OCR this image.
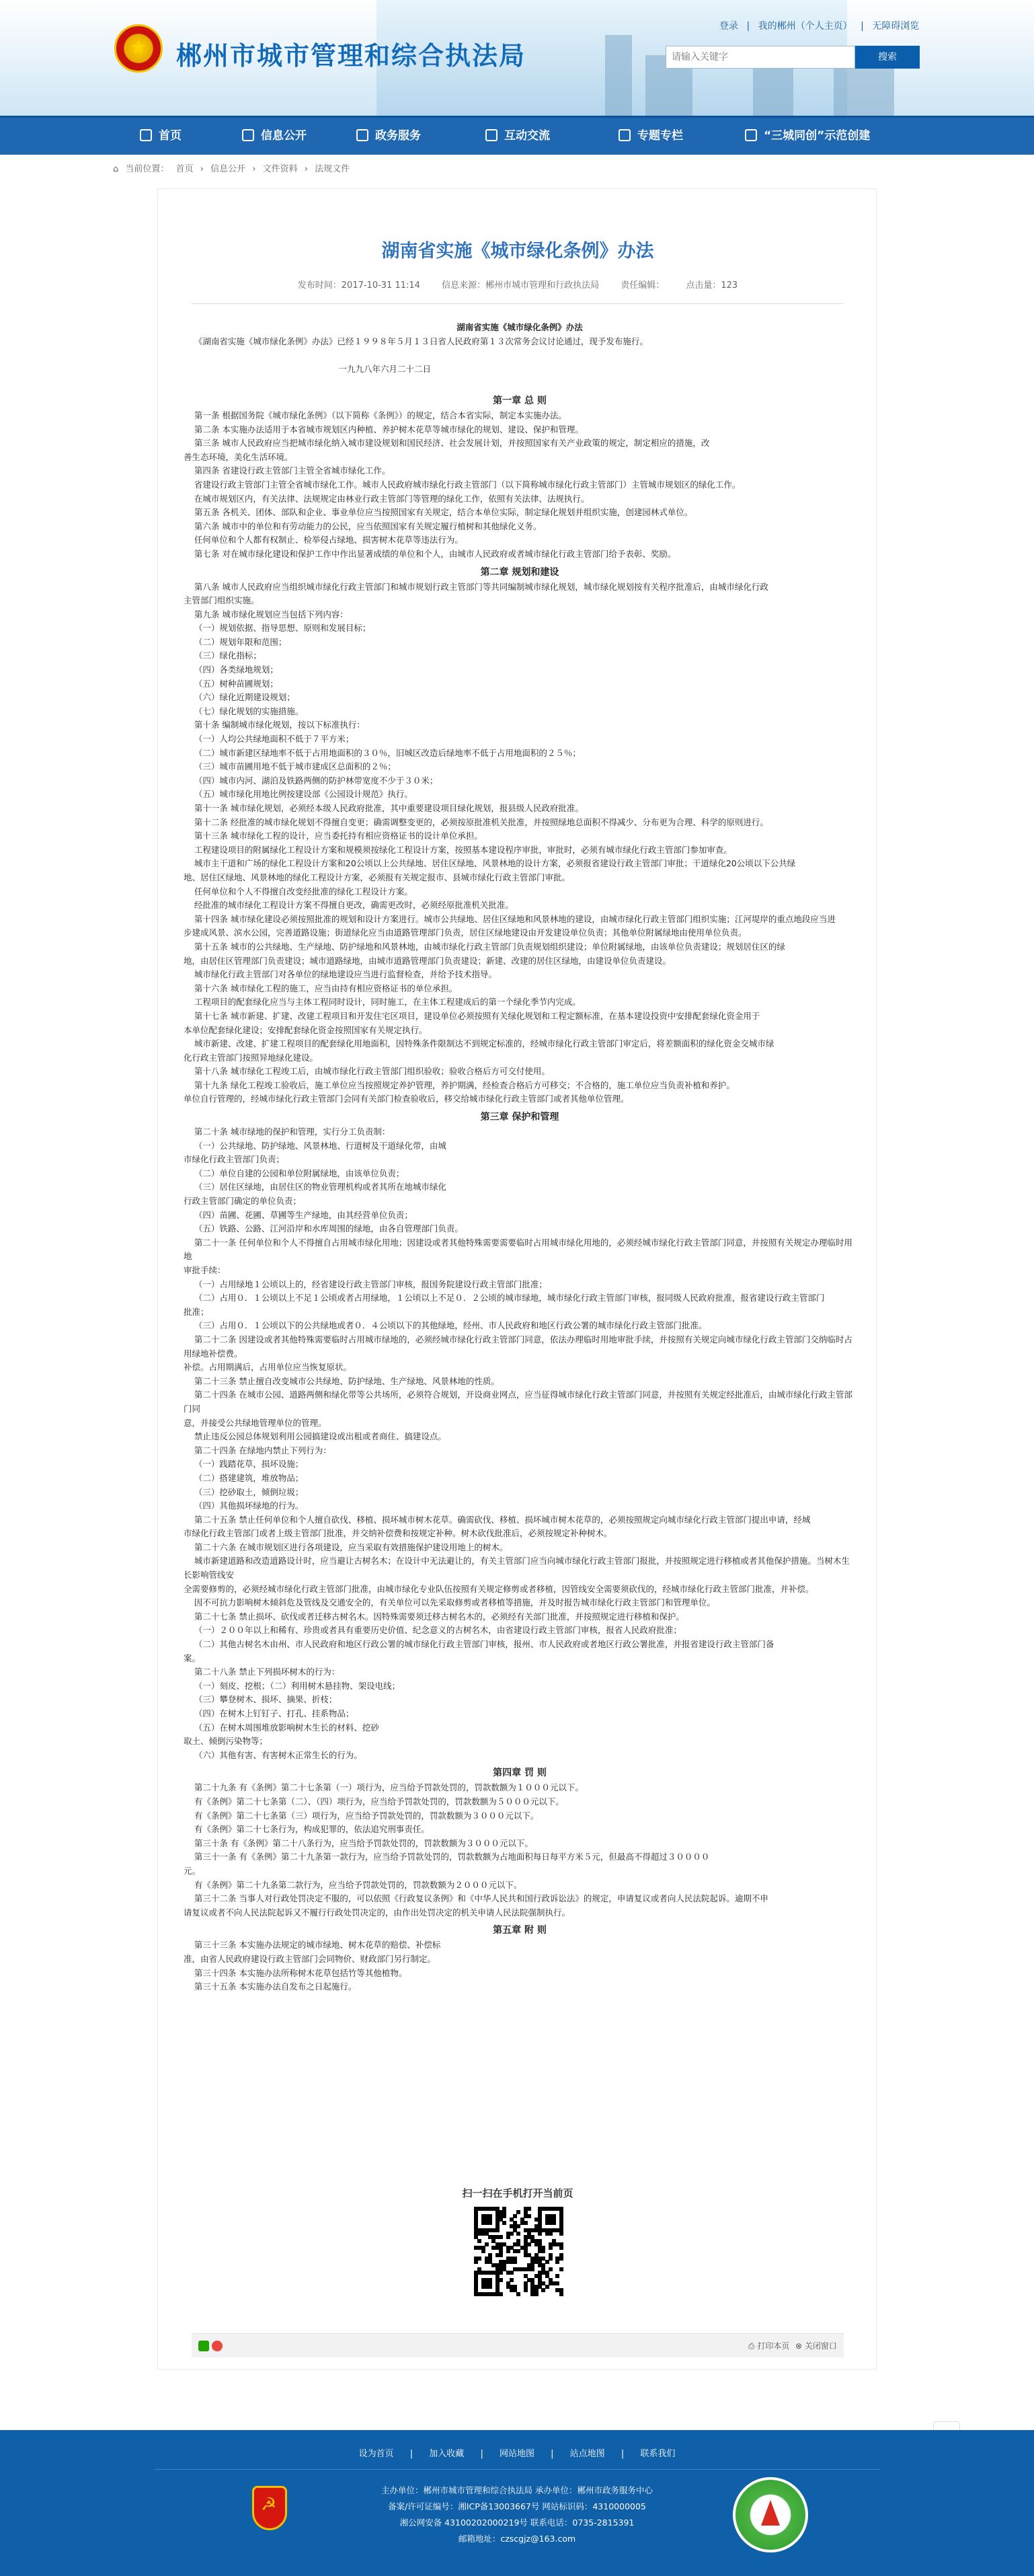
郴州市城市管理和综合执法局
登录 | 我的郴州（个人主页） | 无障碍浏览
请输入关键字
搜索
首页	信息公开	政务服务	互动交流	专题专栏	“三城同创”示范创建
⌂ 当前位置： 首页 › 信息公开 › 文件资料 › 法规文件
湖南省实施《城市绿化条例》办法
发布时间：2017-10-31 11:14 信息来源：郴州市城市管理和行政执法局 责任编辑： 点击量：123

湖南省实施《城市绿化条例》办法

《湖南省实施《城市绿化条例》办法》已经１９９８年５月１３日省人民政府第１３次常务会议讨论通过，现予发布施行。

一九九八年六月二十二日

第一章 总 则

第一条 根据国务院《城市绿化条例》（以下简称《条例》）的规定，结合本省实际，制定本实施办法。

第二条 本实施办法适用于本省城市规划区内种植、养护树木花草等城市绿化的规划、建设、保护和管理。

第三条 城市人民政府应当把城市绿化纳入城市建设规划和国民经济、社会发展计划，并按照国家有关产业政策的规定，制定相应的措施，改

善生态环境，美化生活环境。

第四条 省建设行政主管部门主管全省城市绿化工作。

省建设行政主管部门主管全省城市绿化工作。城市人民政府城市绿化行政主管部门（以下简称城市绿化行政主管部门）主管城市规划区的绿化工作。

在城市规划区内，有关法律、法规规定由林业行政主管部门等管理的绿化工作，依照有关法律、法规执行。

第五条 各机关、团体、部队和企业、事业单位应当按照国家有关规定，结合本单位实际，制定绿化规划并组织实施，创建园林式单位。

第六条 城市中的单位和有劳动能力的公民，应当依照国家有关规定履行植树和其他绿化义务。

任何单位和个人都有权制止、检举侵占绿地、损害树木花草等违法行为。

第七条 对在城市绿化建设和保护工作中作出显著成绩的单位和个人，由城市人民政府或者城市绿化行政主管部门给予表彰、奖励。

第二章 规划和建设

第八条 城市人民政府应当组织城市绿化行政主管部门和城市规划行政主管部门等共同编制城市绿化规划，城市绿化规划按有关程序批准后，由城市绿化行政

主管部门组织实施。

第九条 城市绿化规划应当包括下列内容：

（一）规划依据、指导思想、原则和发展目标；

（二）规划年限和范围；

（三）绿化指标；

（四）各类绿地规划；

（五）树种苗圃规划；

（六）绿化近期建设规划；

（七）绿化规划的实施措施。

第十条 编制城市绿化规划，按以下标准执行：

（一）人均公共绿地面积不低于７平方米；

（二）城市新建区绿地率不低于占用地面积的３０％，旧城区改造后绿地率不低于占用地面积的２５％；

（三）城市苗圃用地不低于城市建成区总面积的２％；

（四）城市内河、湖泊及铁路两侧的防护林带宽度不少于３０米；

（五）城市绿化用地比例按建设部《公园设计规范》执行。

第十一条 城市绿化规划，必须经本级人民政府批准，其中重要建设项目绿化规划，报县级人民政府批准。

第十二条 经批准的城市绿化规划不得擅自变更；确需调整变更的，必须按原批准机关批准，并按照绿地总面积不得减少、分布更为合理、科学的原则进行。

第十三条 城市绿化工程的设计，应当委托持有相应资格证书的设计单位承担。

工程建设项目的附属绿化工程设计方案和规模须按绿化工程设计方案，按照基本建设程序审批，审批时，必须有城市绿化行政主管部门参加审查。

城市主干道和广场的绿化工程设计方案和20公顷以上公共绿地、居住区绿地、风景林地的设计方案，必须报省建设行政主管部门审批；干道绿化20公顷以下公共绿

地、居住区绿地、风景林地的绿化工程设计方案，必须报有关规定报市、县城市绿化行政主管部门审批。

任何单位和个人不得擅自改变经批准的绿化工程设计方案。

经批准的城市绿化工程设计方案不得擅自更改，确需更改时，必须经原批准机关批准。

第十四条 城市绿化建设必须按照批准的规划和设计方案进行。城市公共绿地、居住区绿地和风景林地的建设，由城市绿化行政主管部门组织实施；江河堤岸的重点地段应当进

步建成风景、滨水公园，完善道路设施；街道绿化应当由道路管理部门负责，居住区绿地建设由开发建设单位负责；其他单位附属绿地由使用单位负责。

第十五条 城市的公共绿地、生产绿地、防护绿地和风景林地，由城市绿化行政主管部门负责规划组织建设；单位附属绿地，由该单位负责建设；规划居住区的绿

地，由居住区管理部门负责建设；城市道路绿地，由城市道路管理部门负责建设；新建、改建的居住区绿地，由建设单位负责建设。

城市绿化行政主管部门对各单位的绿地建设应当进行监督检查，并给予技术指导。

第十六条 城市绿化工程的施工，应当由持有相应资格证书的单位承担。

工程项目的配套绿化应当与主体工程同时设计，同时施工，在主体工程建成后的第一个绿化季节内完成。

第十七条 城市新建、扩建、改建工程项目和开发住宅区项目，建设单位必须按照有关绿化规划和工程定额标准，在基本建设投资中安排配套绿化资金用于

本单位配套绿化建设；安排配套绿化资金按照国家有关规定执行。

城市新建、改建、扩建工程项目的配套绿化用地面积，因特殊条件限制达不到规定标准的，经城市绿化行政主管部门审定后，将差额面积的绿化资金交城市绿

化行政主管部门按照异地绿化建设。

第十八条 城市绿化工程竣工后，由城市绿化行政主管部门组织验收；验收合格后方可交付使用。

第十九条 绿化工程竣工验收后，施工单位应当按照规定养护管理，养护期满，经检查合格后方可移交；不合格的，施工单位应当负责补植和养护。

单位自行管理的，经城市绿化行政主管部门会同有关部门检查验收后，移交给城市绿化行政主管部门或者其他单位管理。

第三章 保护和管理

第二十条 城市绿地的保护和管理，实行分工负责制：

（一）公共绿地、防护绿地、风景林地、行道树及干道绿化带，由城

市绿化行政主管部门负责；

（二）单位自建的公园和单位附属绿地，由该单位负责；

（三）居住区绿地，由居住区的物业管理机构或者其所在地城市绿化

行政主管部门确定的单位负责；

（四）苗圃、花圃、草圃等生产绿地，由其经营单位负责；

（五）铁路、公路、江河沿岸和水库周围的绿地，由各自管理部门负责。

第二十一条 任何单位和个人不得擅自占用城市绿化用地；因建设或者其他特殊需要需要临时占用城市绿化用地的，必须经城市绿化行政主管部门同意，并按照有关规定办理临时用地

审批手续：

（一）占用绿地１公顷以上的，经省建设行政主管部门审核，报国务院建设行政主管部门批准；

（二）占用０．１公顷以上不足１公顷或者占用绿地，１公顷以上不足０．２公顷的城市绿地，城市绿化行政主管部门审核，报同级人民政府批准，报省建设行政主管部门

批准；

（三）占用０．１公顷以下的公共绿地或者０．４公顷以下的其他绿地，经州、市人民政府和地区行政公署的城市绿化行政主管部门批准。

第二十二条 因建设或者其他特殊需要临时占用城市绿地的，必须经城市绿化行政主管部门同意，依法办理临时用地审批手续，并按照有关规定向城市绿化行政主管部门交纳临时占用绿地补偿费。

补偿。占用期满后，占用单位应当恢复原状。

第二十三条 禁止擅自改变城市公共绿地、防护绿地、生产绿地、风景林地的性质。

第二十四条 在城市公园、道路两侧和绿化带等公共场所，必须符合规划，开设商业网点，应当征得城市绿化行政主管部门同意，并按照有关规定经批准后，由城市绿化行政主管部门同

意，并接受公共绿地管理单位的管理。

禁止违反公园总体规划利用公园搞建设或出租或者商住、搞建设点。

第二十四条 在绿地内禁止下列行为：

（一）践踏花草，损坏设施；

（二）搭建建筑，堆放物品；

（三）挖砂取土，倾倒垃圾；

（四）其他损坏绿地的行为。

第二十五条 禁止任何单位和个人擅自砍伐、移植、损坏城市树木花草。确需砍伐、移植、损坏城市树木花草的，必须按照规定向城市绿化行政主管部门提出申请，经城

市绿化行政主管部门或者上级主管部门批准，并交纳补偿费和按规定补种。树木砍伐批准后，必须按规定补种树木。

第二十六条 在城市规划区进行各项建设，应当采取有效措施保护建设用地上的树木。

城市新建道路和改造道路设计时，应当避让古树名木；在设计中无法避让的，有关主管部门应当向城市绿化行政主管部门报批，并按照规定进行移植或者其他保护措施。当树木生长影响管线安

全需要修剪的，必须经城市绿化行政主管部门批准，由城市绿化专业队伍按照有关规定修剪或者移植，因管线安全需要须砍伐的，经城市绿化行政主管部门批准，并补偿。

因不可抗力影响树木倾斜危及管线及交通安全的，有关单位可以先采取修剪或者移植等措施，并及时报告城市绿化行政主管部门和管理单位。

第二十七条 禁止损坏、砍伐或者迁移古树名木。因特殊需要须迁移古树名木的，必须经有关部门批准，并按照规定进行移植和保护。

（一）２００年以上和稀有、珍贵或者具有重要历史价值、纪念意义的古树名木，由省建设行政主管部门审核，报省人民政府批准；

（二）其他古树名木由州、市人民政府和地区行政公署的城市绿化行政主管部门审核，报州、市人民政府或者地区行政公署批准，并报省建设行政主管部门备

案。

第二十八条 禁止下列损坏树木的行为：

（一）刻皮、挖根；（二）利用树木悬挂物、架设电线；

（三）攀登树木、损坏、摘果、折枝；

（四）在树木上钉钉子、打孔、挂系物品；

（五）在树木周围堆放影响树木生长的材料、挖砂

取土、倾倒污染物等；

（六）其他有害、有害树木正常生长的行为。

第四章 罚 则

第二十九条 有《条例》第二十七条第（一）项行为，应当给予罚款处罚的，罚款数额为１０００元以下。

有《条例》第二十七条第（二）、（四）项行为，应当给予罚款处罚的，罚款数额为５０００元以下。

有《条例》第二十七条第（三）项行为，应当给予罚款处罚的，罚款数额为３０００元以下。

有《条例》第二十七条行为，构成犯罪的，依法追究刑事责任。

第三十条 有《条例》第二十八条行为，应当给予罚款处罚的，罚款数额为３０００元以下。

第三十一条 有《条例》第二十九条第一款行为，应当给予罚款处罚的，罚款数额为占地面积每日每平方米５元，但最高不得超过３００００

元。

有《条例》第二十九条第二款行为，应当给予罚款处罚的，罚款数额为２０００元以下。

第三十二条 当事人对行政处罚决定不服的，可以依照《行政复议条例》和《中华人民共和国行政诉讼法》的规定，申请复议或者向人民法院起诉。逾期不申

请复议或者不向人民法院起诉又不履行行政处罚决定的，由作出处罚决定的机关申请人民法院强制执行。

第五章 附 则

第三十三条 本实施办法规定的城市绿地、树木花草的赔偿、补偿标

准，由省人民政府建设行政主管部门会同物价、财政部门另行制定。

第三十四条 本实施办法所称树木花草包括竹等其他植物。

第三十五条 本实施办法自发布之日起施行。

扫一扫在手机打开当前页
⎙ 打印本页 ⊗ 关闭窗口
设为首页 | 加入收藏 | 网站地图 | 站点地图 | 联系我们
☭
主办单位：郴州市城市管理和综合执法局 承办单位：郴州市政务服务中心
备案/许可证编号：湘ICP备13003667号 网站标识码：4310000005
湘公网安备 43100202000219号 联系电话：0735-2815391
邮箱地址：czscgjz@163.com
